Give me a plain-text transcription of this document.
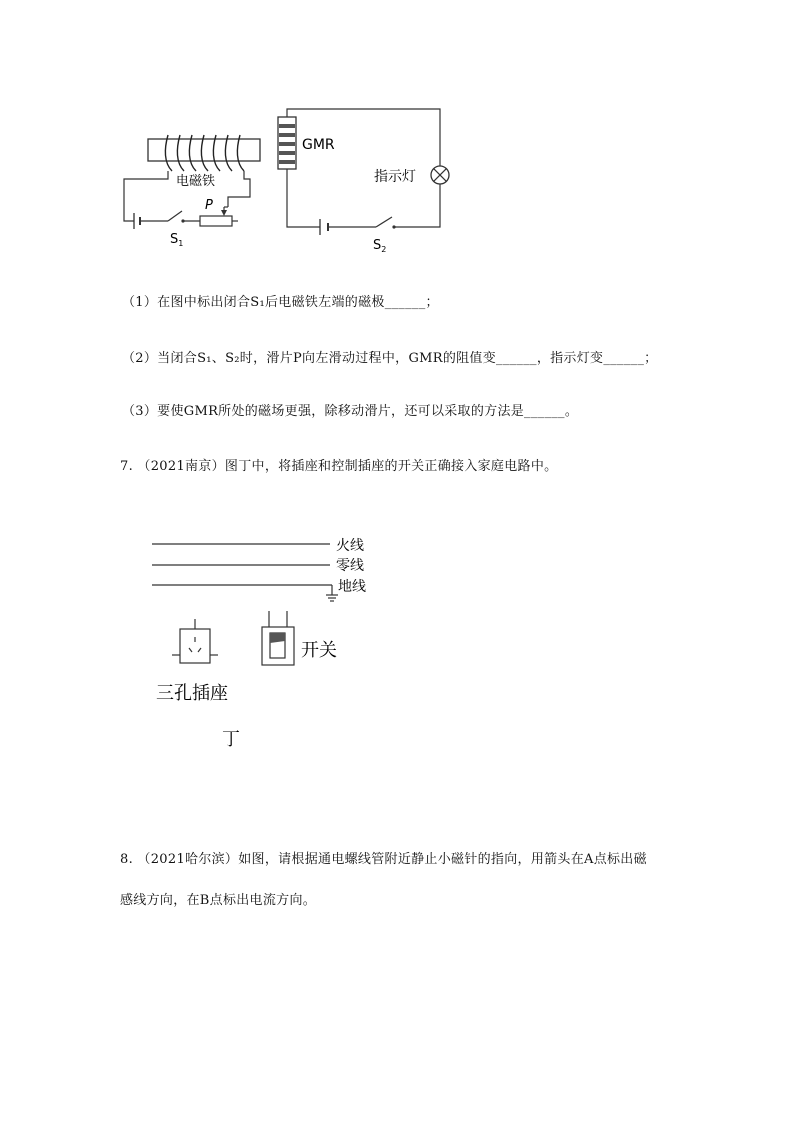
P
电磁铁
$S_1$
GMR
指示灯
$S_2$
（1）在图中标出闭合S₁后电磁铁左端的磁极______；
（2）当闭合S₁、S₂时，滑片P向左滑动过程中，GMR的阻值变______，指示灯变______；
（3）要使GMR所处的磁场更强，除移动滑片，还可以采取的方法是______。
7. （2021南京）图丁中，将插座和控制插座的开关正确接入家庭电路中。
火线
零线
地线
三孔插座
开关
丁
8. （2021哈尔滨）如图，请根据通电螺线管附近静止小磁针的指向，用箭头在A点标出磁
感线方向，在B点标出电流方向。
